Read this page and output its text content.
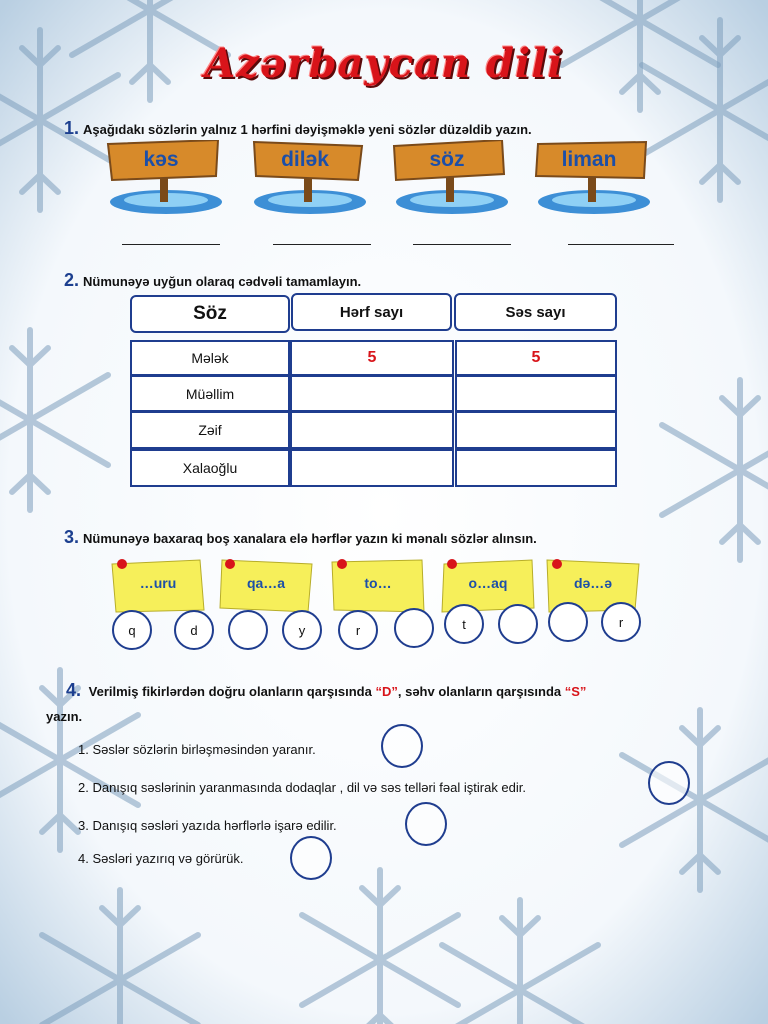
Azərbaycan dili
1. Aşağıdakı sözlərin yalnız 1 hərfini dəyişməklə yeni sözlər düzəldib yazın.
kəs	dilək	söz	liman
2. Nümunəyə uyğun olaraq cədvəli tamamlayın.
Söz	Hərf sayı	Səs sayı
Mələk	5	5
Müəllim
Zəif
Xalaoğlu
3. Nümunəyə baxaraq boş xanalara elə hərflər yazın ki mənalı sözlər alınsın.
…uru	qa…a	to…	o…aq	də…ə
q	d	y	r	t	r
4. Verilmiş fikirlərdən doğru olanların qarşısında “D”, səhv olanların qarşısında “S”
yazın.
1. Səslər sözlərin birləşməsindən yaranır.
2. Danışıq səslərinin yaranmasında dodaqlar , dil və səs telləri fəal iştirak edir.
3. Danışıq səsləri yazıda hərflərlə işarə edilir.
4. Səsləri yazırıq və görürük.
